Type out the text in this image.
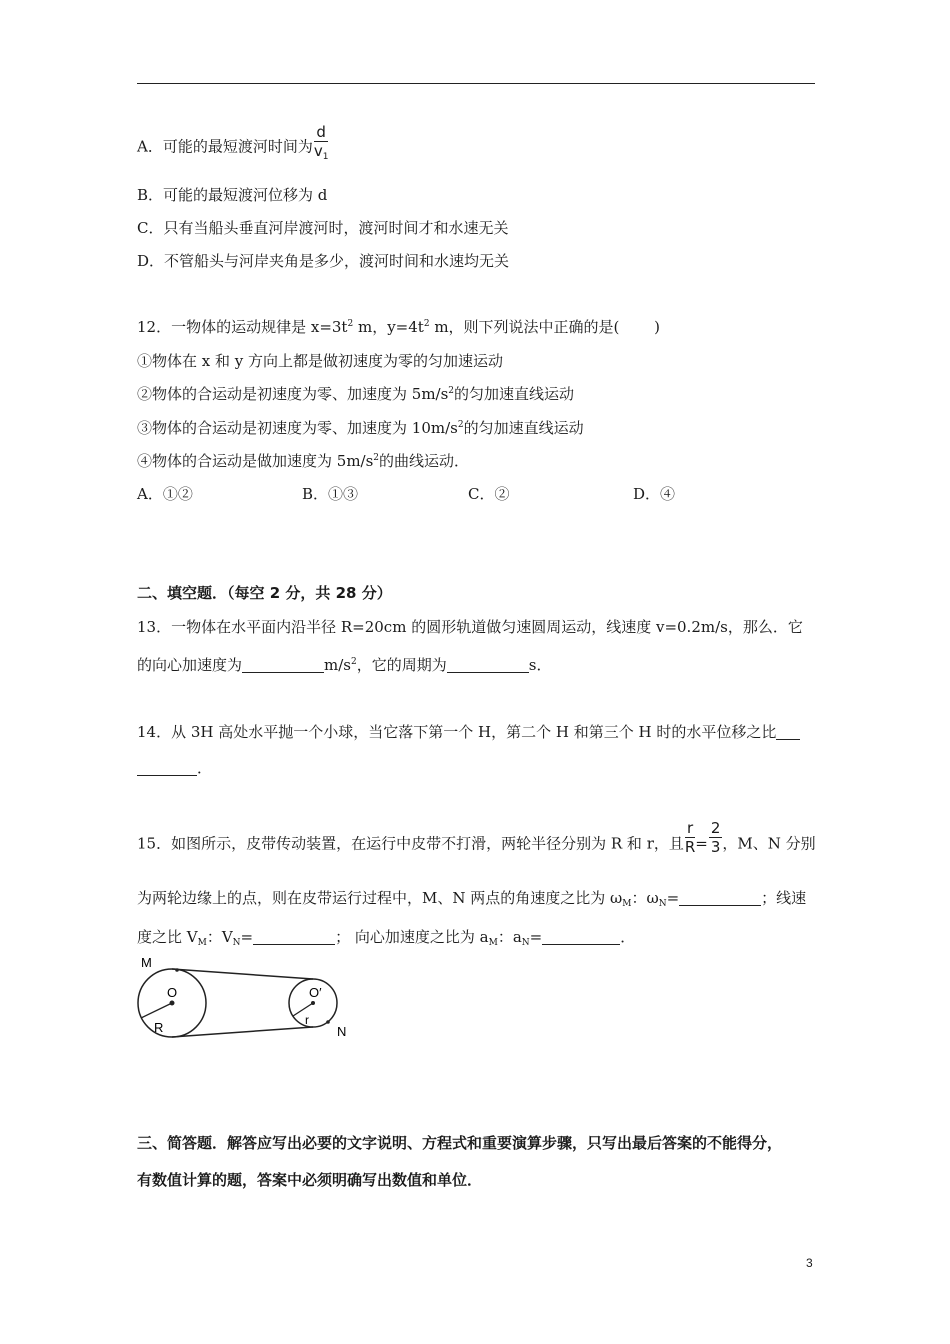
A．可能的最短渡河时间为 $\frac{d}{v_1}$
B．可能的最短渡河位移为 d
C．只有当船头垂直河岸渡河时，渡河时间才和水速无关
D．不管船头与河岸夹角是多少，渡河时间和水速均无关
12．一物体的运动规律是 $x=3t^2$ m，$y=4t^2$ m，则下列说法中正确的是(　　 )
①物体在 x 和 y 方向上都是做初速度为零的匀加速运动
②物体的合运动是初速度为零、加速度为 $5m/s^2$的匀加速直线运动
③物体的合运动是初速度为零、加速度为 $10m/s^2$的匀加速直线运动
④物体的合运动是做加速度为 $5m/s^2$的曲线运动．
A．①②	B．①③	C．②	D．④
二、填空题．（每空 2 分，共 28 分）
13．一物体在水平面内沿半径 R=20cm 的圆形轨道做匀速圆周运动，线速度 v=0.2m/s，那么．它
的向心加速度为	$m/s^2$，它的周期为	s．
14．从 3H 高处水平抛一个小球，当它落下第一个 H，第二个 H 和第三个 H 时的水平位移之比
．
15．如图所示，皮带传动装置，在运行中皮带不打滑，两轮半径分别为 R 和 r，且 $\frac{r}{R} = \frac{2}{3}$ ，M、N 分别
为两轮边缘上的点，则在皮带运行过程中，M、N 两点的角速度之比为 $\omega_M$：$\omega_N=$	；线速
度之比 $V_M$：$V_N=$	； 向心加速度之比为 $a_M$：$a_N=$	．
M
O
R
O′
r
N
三、简答题．解答应写出必要的文字说明、方程式和重要演算步骤，只写出最后答案的不能得分，
有数值计算的题，答案中必须明确写出数值和单位．
3
